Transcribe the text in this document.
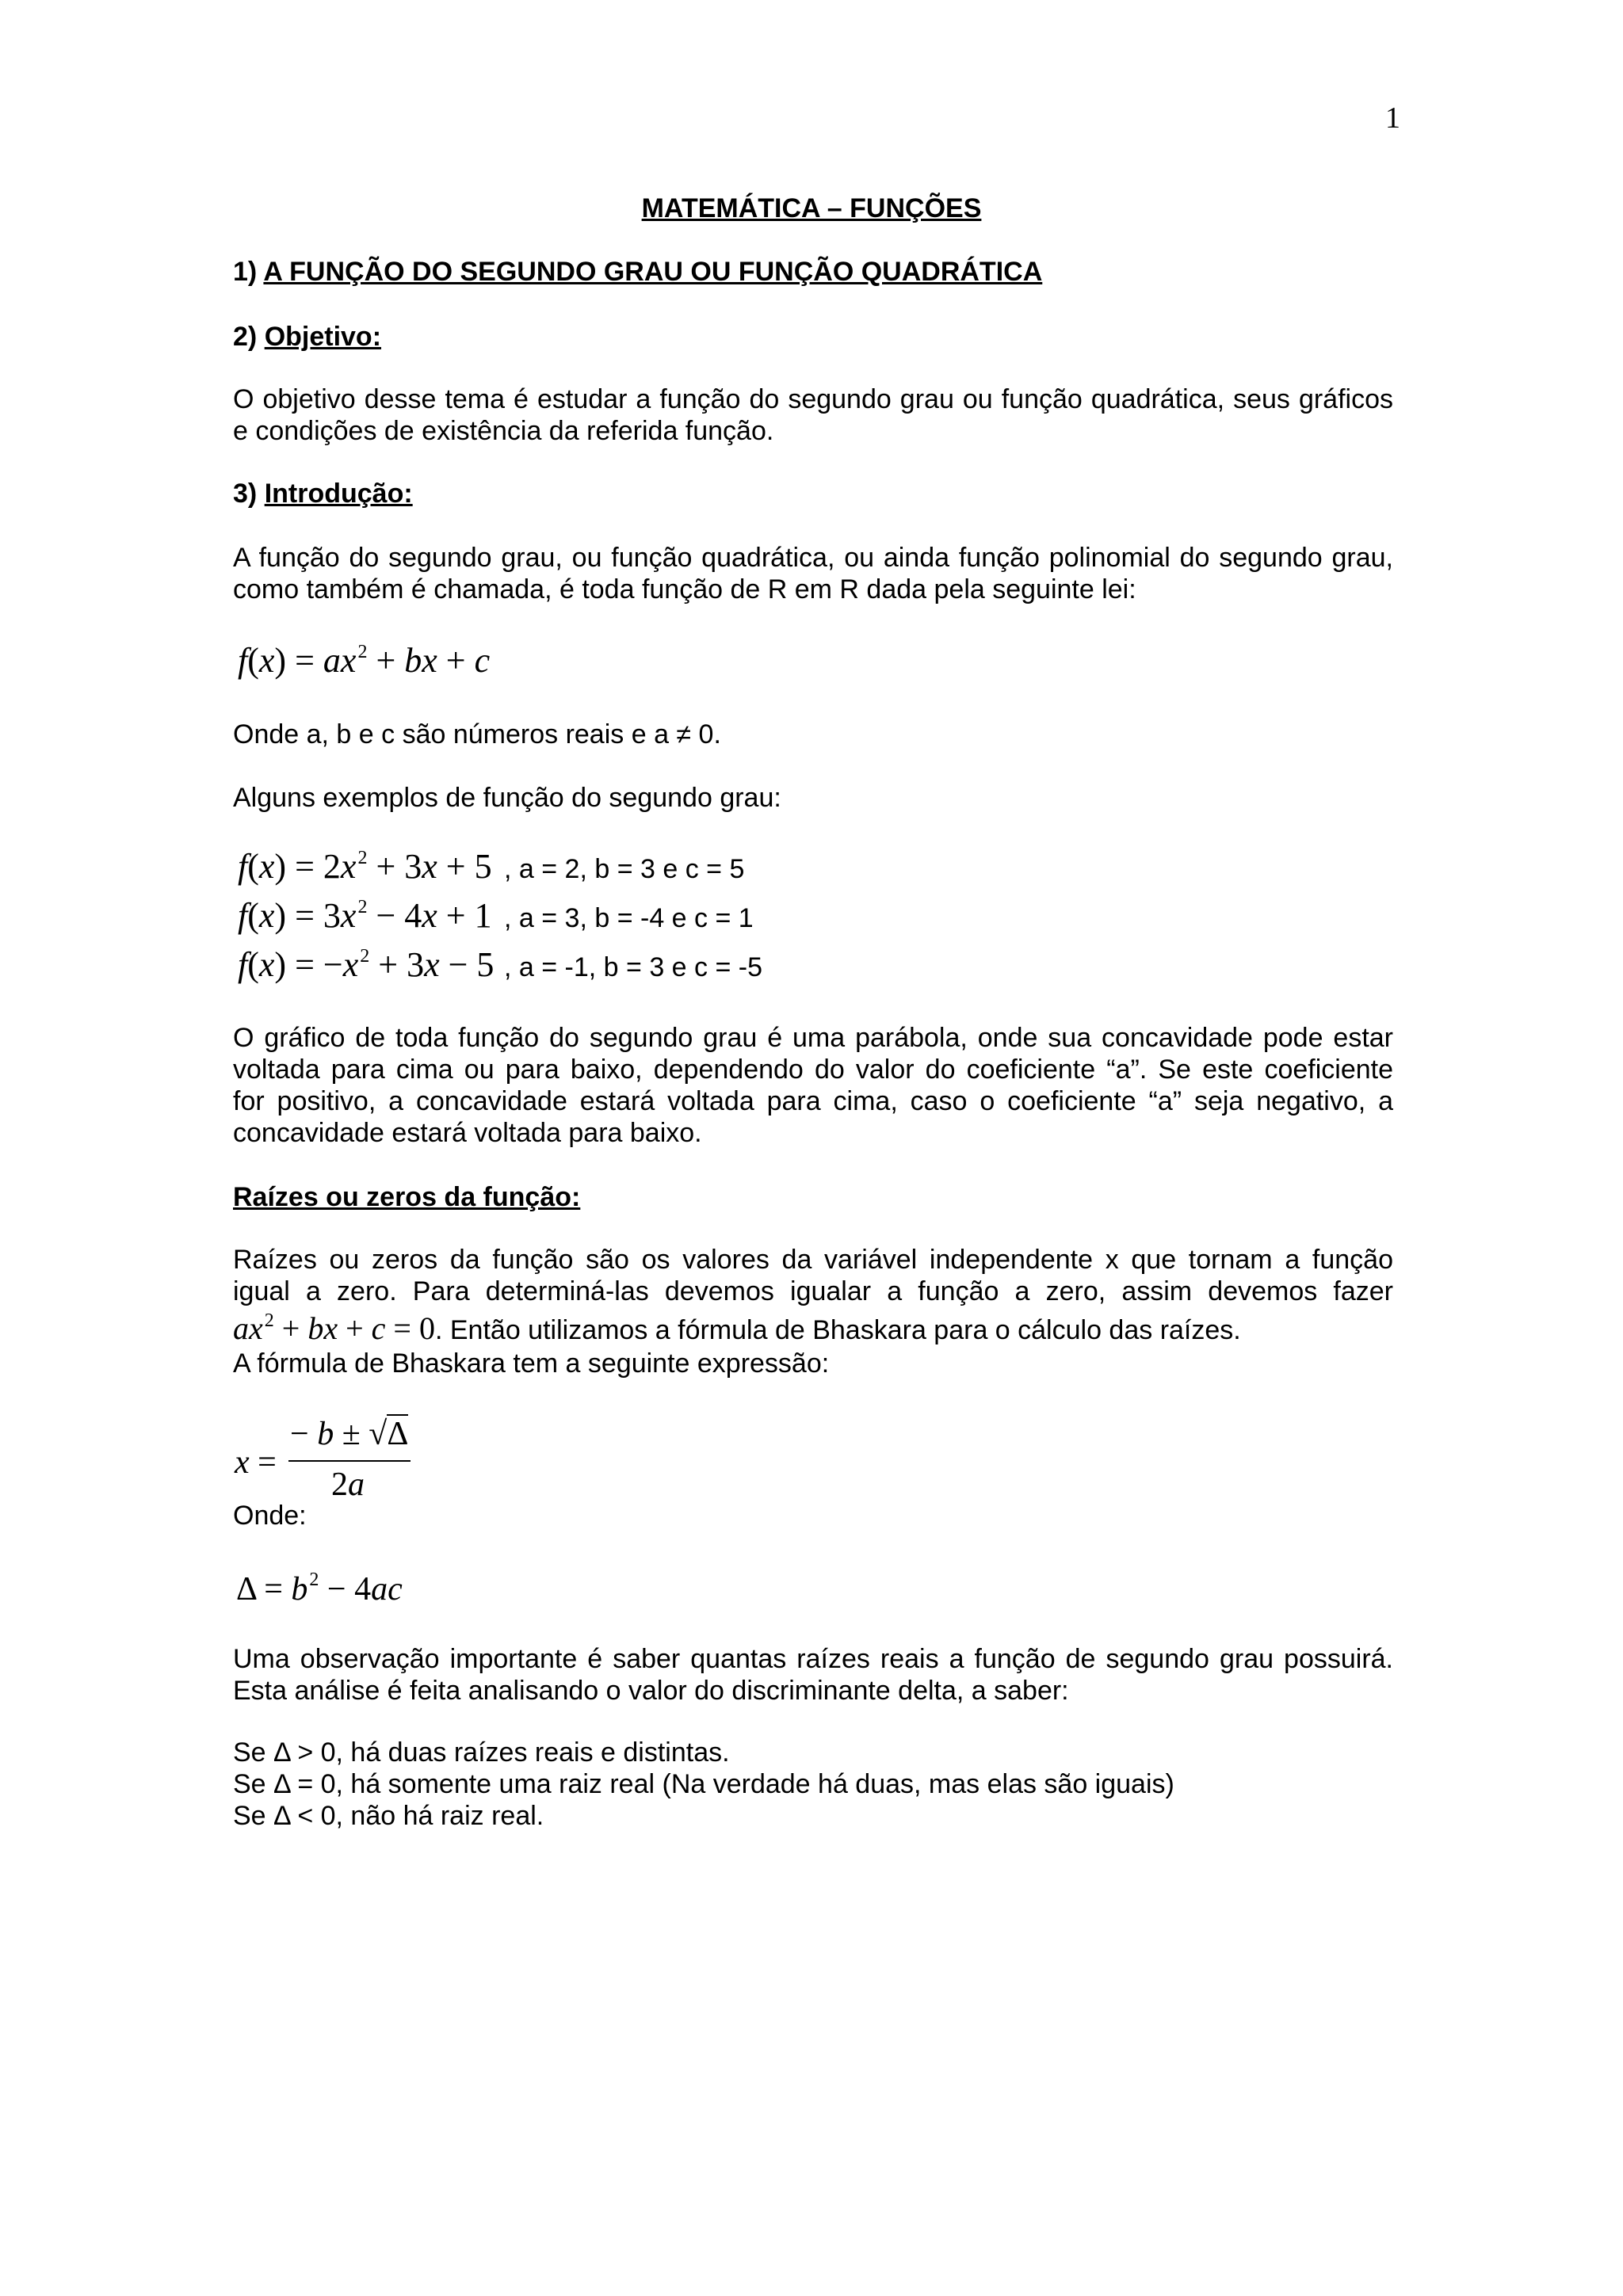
1
MATEMÁTICA – FUNÇÕES
1) A FUNÇÃO DO SEGUNDO GRAU OU FUNÇÃO QUADRÁTICA
2) Objetivo:
O objetivo desse tema é estudar a função do segundo grau ou função quadrática, seus gráficos
e condições de existência da referida função.
3) Introdução:
A função do segundo grau, ou função quadrática, ou ainda função polinomial do segundo grau,
como também é chamada, é toda função de R em R dada pela seguinte lei:
$f(x) = ax^2$ + bx + c
Onde a, b e c são números reais e a ≠ 0.
Alguns exemplos de função do segundo grau:
$f(x) = 2x^2 + 3x + 5$ , a = 2, b = 3 e c = 5
$f(x) = 3x^2 - 4x + 1$ , a = 3, b = -4 e c = 1
$f(x) = -x^2 + 3x - 5$ , a = -1, b = 3 e c = -5
O gráfico de toda função do segundo grau é uma parábola, onde sua concavidade pode estar
voltada para cima ou para baixo, dependendo do valor do coeficiente “a”. Se este coeficiente
for positivo, a concavidade estará voltada para cima, caso o coeficiente “a” seja negativo, a
concavidade estará voltada para baixo.
Raízes ou zeros da função:
Raízes ou zeros da função são os valores da variável independente x que tornam a função
igual a zero. Para determiná-las devemos igualar a função a zero, assim devemos fazer
$ax^2$ + bx + c = 0. Então utilizamos a fórmula de Bhaskara para o cálculo das raízes.
A fórmula de Bhaskara tem a seguinte expressão:
x =
− b ± √Δ
2a
Onde:
$\Delta = b^2 - 4ac$
Uma observação importante é saber quantas raízes reais a função de segundo grau possuirá.
Esta análise é feita analisando o valor do discriminante delta, a saber:
Se Δ > 0, há duas raízes reais e distintas.
Se Δ = 0, há somente uma raiz real (Na verdade há duas, mas elas são iguais)
Se Δ < 0, não há raiz real.
